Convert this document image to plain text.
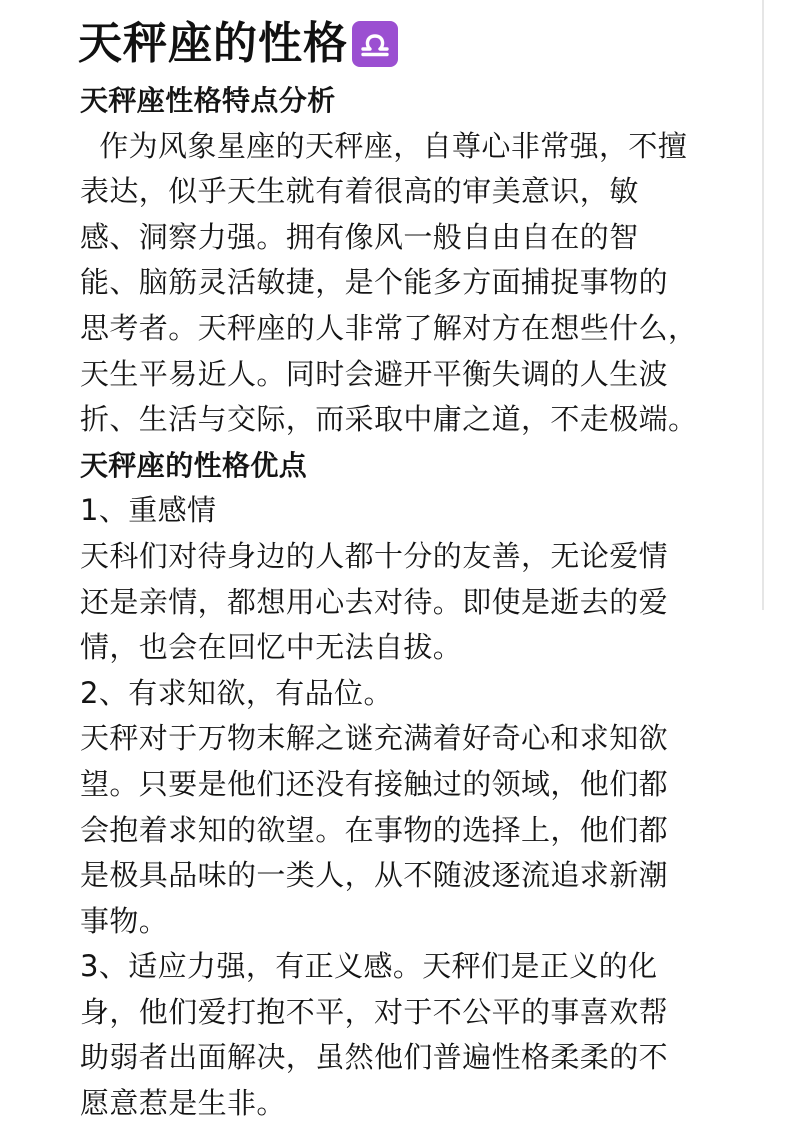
天秤座的性格
天秤座性格特点分析
作为风象星座的天秤座，自尊心非常强，不擅
表达，似乎天生就有着很高的审美意识，敏
感、洞察力强。拥有像风一般自由自在的智
能、脑筋灵活敏捷，是个能多方面捕捉事物的
思考者。天秤座的人非常了解对方在想些什么，
天生平易近人。同时会避开平衡失调的人生波
折、生活与交际，而采取中庸之道，不走极端。
天秤座的性格优点
1、重感情
天科们对待身边的人都十分的友善，无论爱情
还是亲情，都想用心去对待。即使是逝去的爱
情，也会在回忆中无法自拔。
2、有求知欲，有品位。
天秤对于万物末解之谜充满着好奇心和求知欲
望。只要是他们还没有接触过的领域，他们都
会抱着求知的欲望。在事物的选择上，他们都
是极具品味的一类人，从不随波逐流追求新潮
事物。
3、适应力强，有正义感。天秤们是正义的化
身，他们爱打抱不平，对于不公平的事喜欢帮
助弱者出面解决，虽然他们普遍性格柔柔的不
愿意惹是生非。
